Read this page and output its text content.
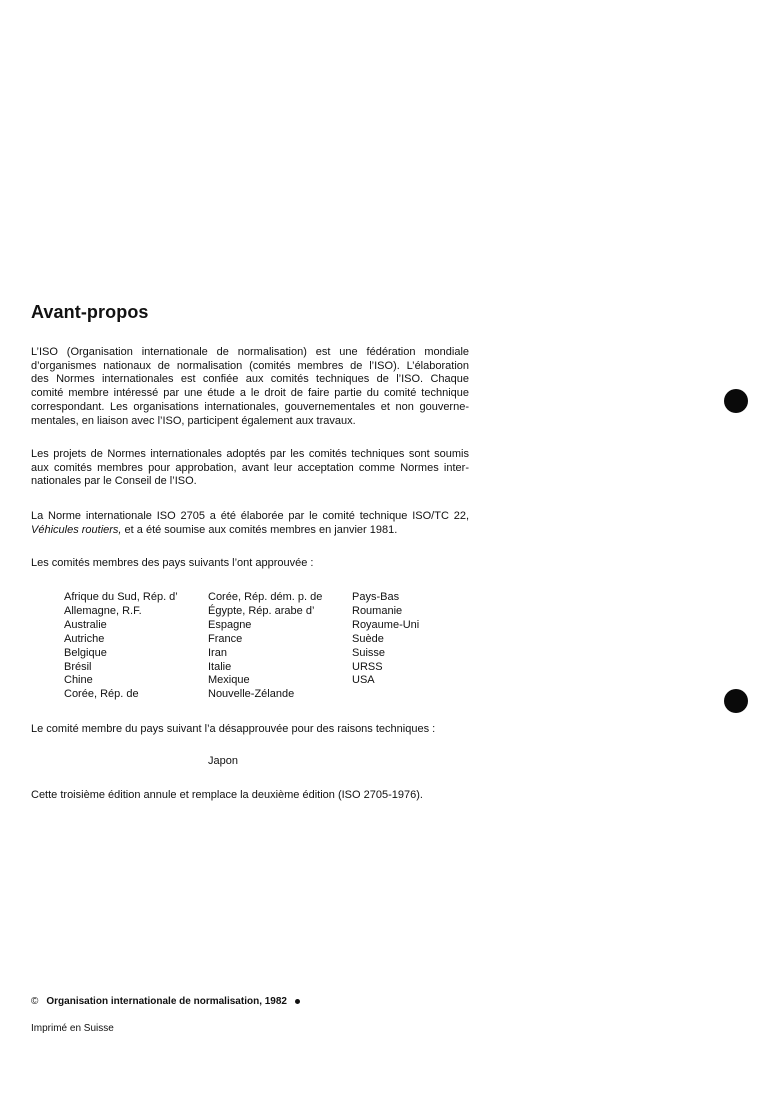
Avant-propos

L’ISO (Organisation internationale de normalisation) est une fédération mondiale
d’organismes nationaux de normalisation (comités membres de l’ISO). L’élaboration
des Normes internationales est confiée aux comités techniques de l’ISO. Chaque
comité membre intéressé par une étude a le droit de faire partie du comité technique
correspondant. Les organisations internationales, gouvernementales et non gouverne-
mentales, en liaison avec l’ISO, participent également aux travaux.

Les projets de Normes internationales adoptés par les comités techniques sont soumis
aux comités membres pour approbation, avant leur acceptation comme Normes inter-
nationales par le Conseil de l’ISO.

La Norme internationale ISO 2705 a été élaborée par le comité technique ISO/TC 22,
Véhicules routiers, et a été soumise aux comités membres en janvier 1981.

Les comités membres des pays suivants l’ont approuvée :

Afrique du Sud, Rép. d’
Allemagne, R.F.
Australie
Autriche
Belgique
Brésil
Chine
Corée, Rép. de
Corée, Rép. dém. p. de
Égypte, Rép. arabe d’
Espagne
France
Iran
Italie
Mexique
Nouvelle-Zélande
Pays-Bas
Roumanie
Royaume-Uni
Suède
Suisse
URSS
USA

Le comité membre du pays suivant l’a désapprouvée pour des raisons techniques :

Japon

Cette troisième édition annule et remplace la deuxième édition (ISO 2705-1976).

© Organisation internationale de normalisation, 1982

Imprimé en Suisse
